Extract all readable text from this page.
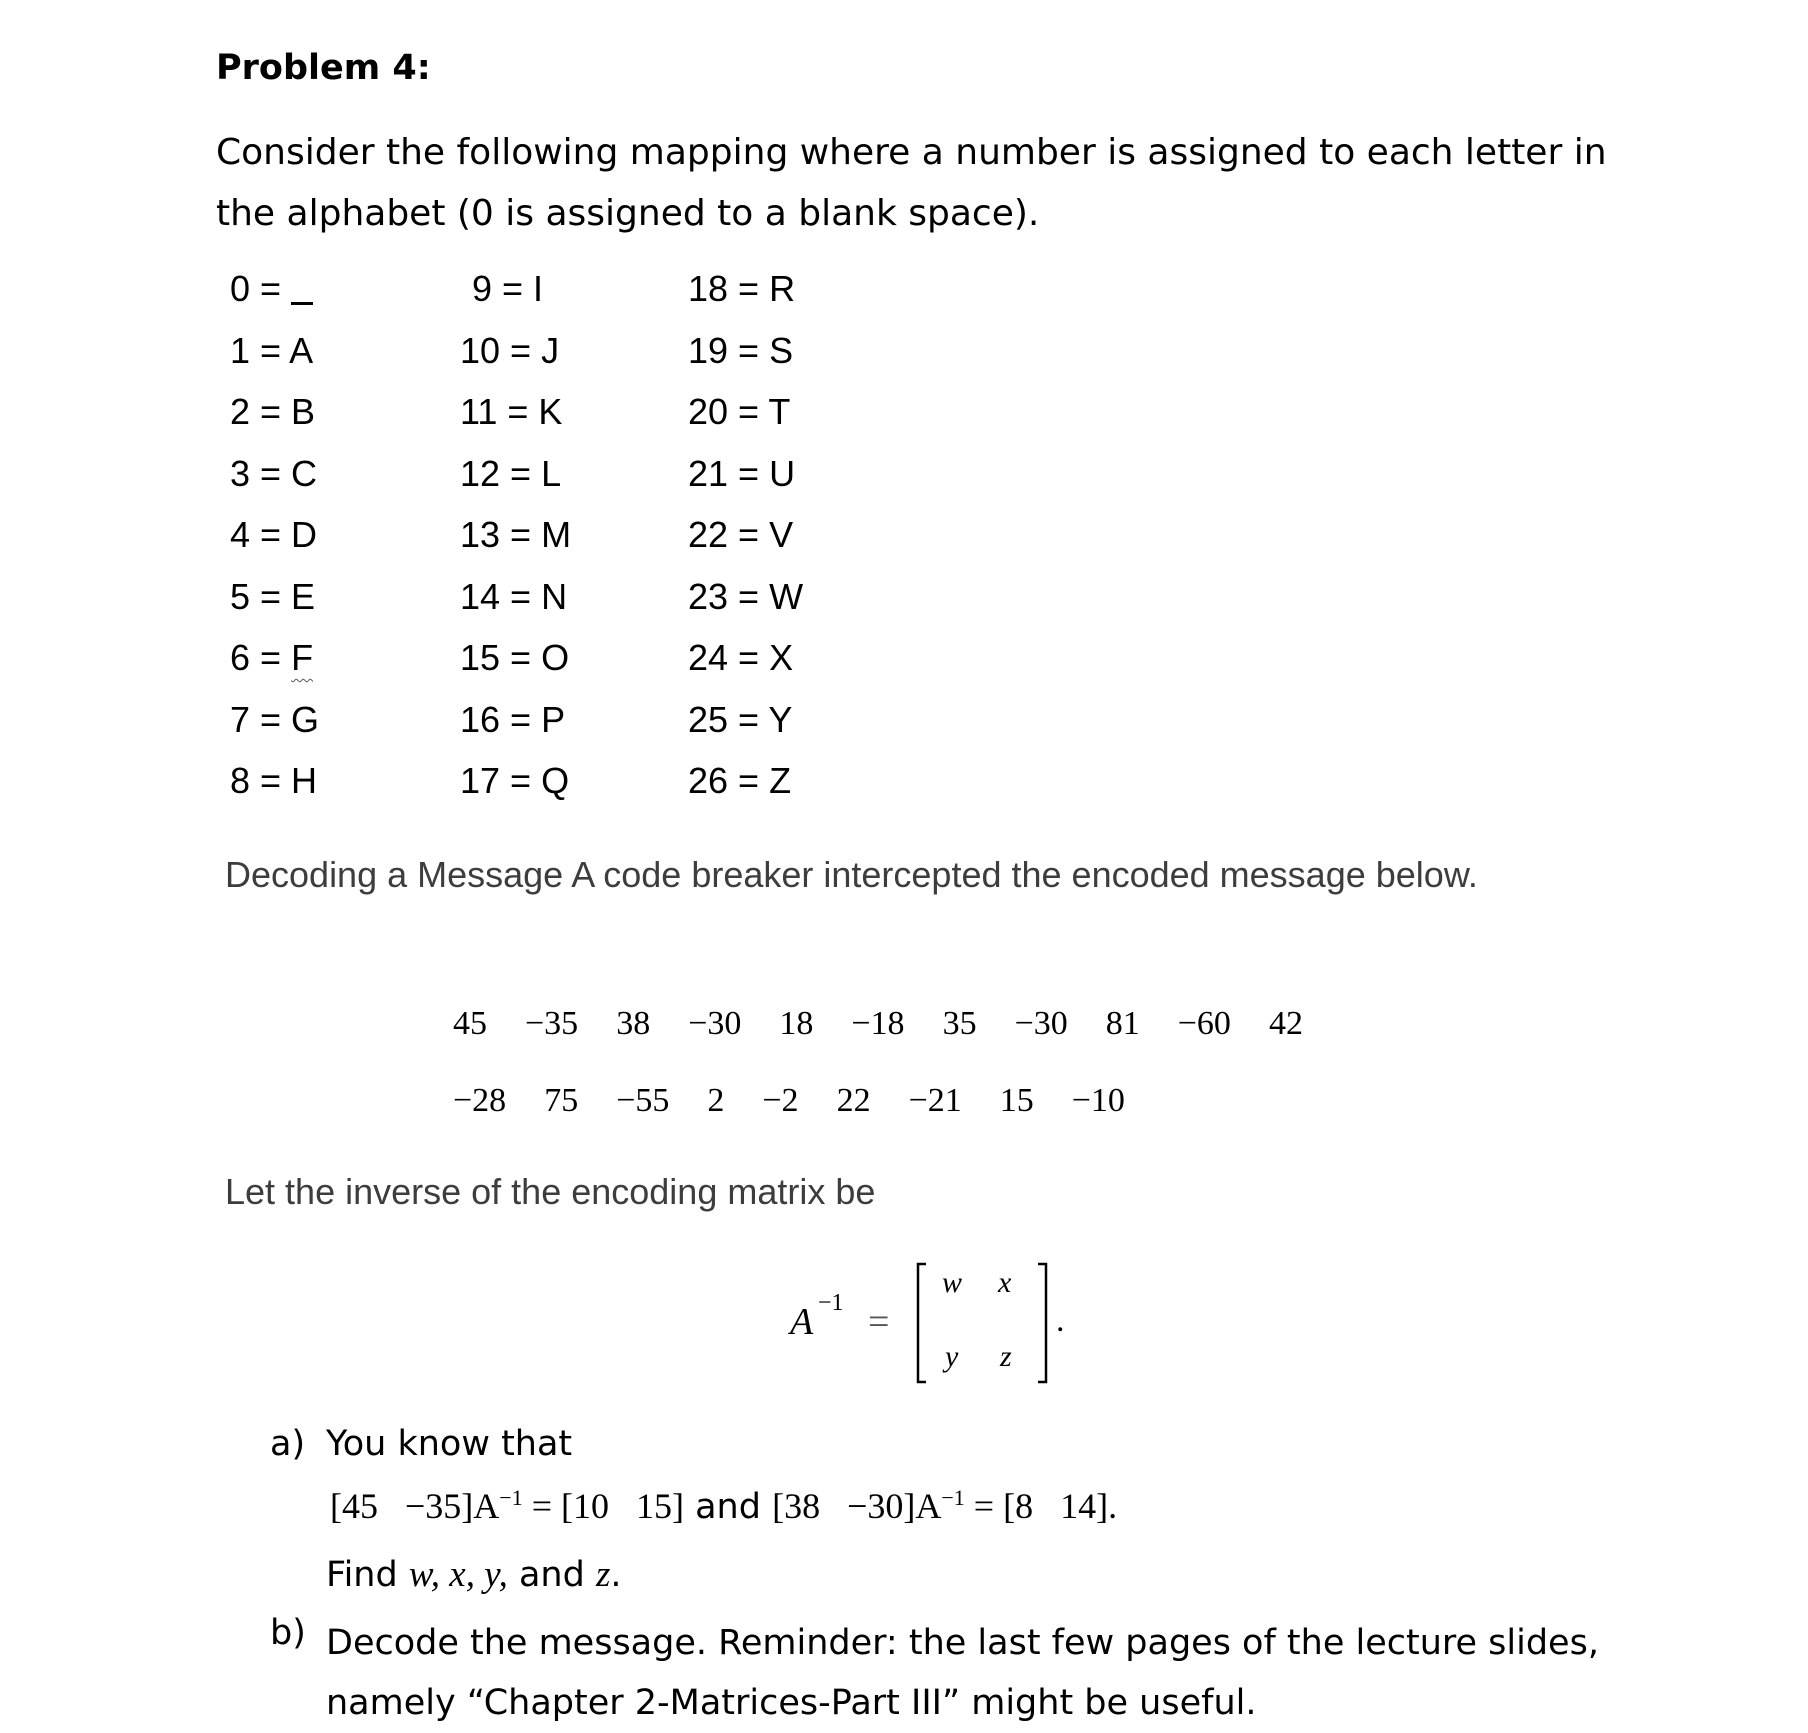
Problem 4:
Consider the following mapping where a number is assigned to each letter in the alphabet (0 is assigned to a blank space).
0 =
1 = A
2 = B
3 = C
4 = D
5 = E
6 = F
7 = G
8 = H
9 = I
10 = J
11 = K
12 = L
13 = M
14 = N
15 = O
16 = P
17 = Q
18 = R
19 = S
20 = T
21 = U
22 = V
23 = W
24 = X
25 = Y
26 = Z
Decoding a Message A code breaker intercepted the encoded message below.
45 −35 38 −30 18 −18 35 −30 81 −60 42
−28 75 −55 2 −2 22 −21 15 −10
Let the inverse of the encoding matrix be
A −1 =
w x
y z
.
a) You know that
$[45 -35]A^{-1} = [10$   15] and $[38 -30]A^{-1} = [8$   14].
Find w, x, y, and z.
b) Decode the message. Reminder: the last few pages of the lecture slides, namely “Chapter 2-Matrices-Part III” might be useful.
